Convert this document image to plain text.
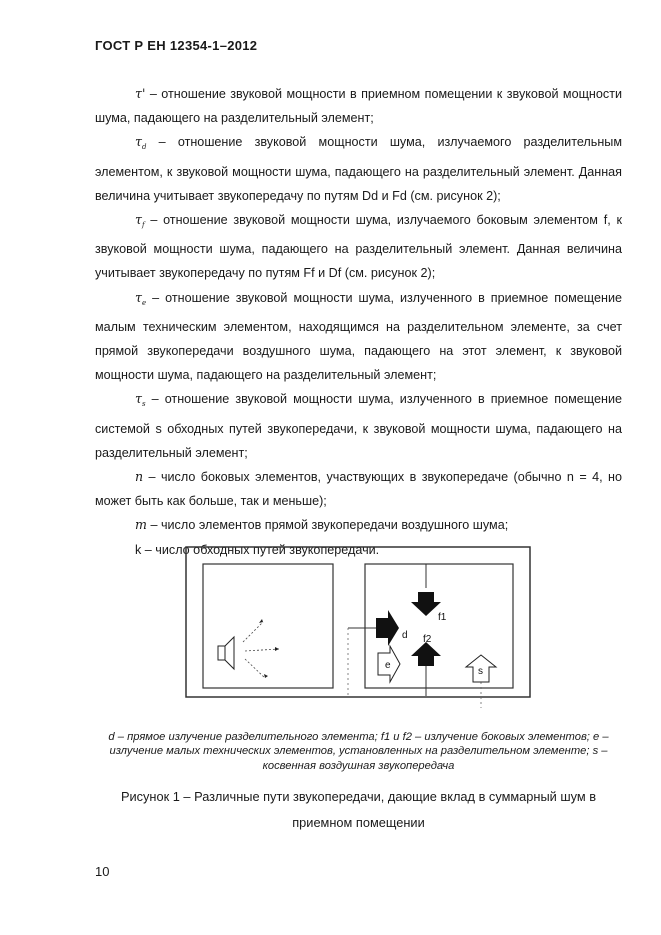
ГОСТ Р ЕН 12354-1–2012

τ' – отношение звуковой мощности в приемном помещении к звуковой мощности шума, падающего на разделительный элемент;

$\tau_d$ – отношение звуковой мощности шума, излучаемого разделительным элементом, к звуковой мощности шума, падающего на разделительный элемент. Данная величина учитывает звукопередачу по путям Dd и Fd (см. рисунок 2);

$\tau_f$ – отношение звуковой мощности шума, излучаемого боковым элементом f, к звуковой мощности шума, падающего на разделительный элемент. Данная величина учитывает звукопередачу по путям Ff и Df (см. рисунок 2);

$\tau_e$ – отношение звуковой мощности шума, излученного в приемное помещение малым техническим элементом, находящимся на разделительном элементе, за счет прямой звукопередачи воздушного шума, падающего на этот элемент, к звуковой мощности шума, падающего на разделительный элемент;

$\tau_s$ – отношение звуковой мощности шума, излученного в приемное помещение системой s обходных путей звукопередачи, к звуковой мощности шума, падающего на разделительный элемент;

n – число боковых элементов, участвующих в звукопередаче (обычно n = 4, но может быть как больше, так и меньше);

m – число элементов прямой звукопередачи воздушного шума;

k – число обходных путей звукопередачи.

f1
d f2
e
s
d – прямое излучение разделительного элемента; f1 и f2 – излучение боковых элементов; e – излучение малых технических элементов, установленных на разделительном элементе; s – косвенная воздушная звукопередача
Рисунок 1 – Различные пути звукопередачи, дающие вклад в суммарный шум в приемном помещении
10
